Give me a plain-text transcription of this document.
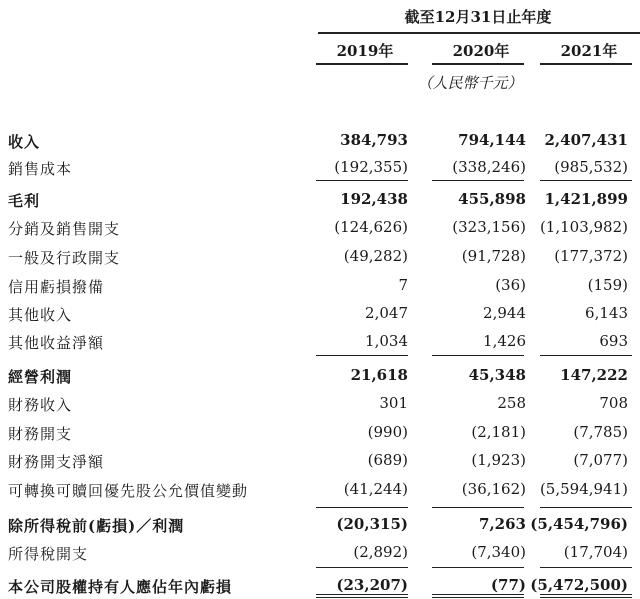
截至12月31日止年度
2019年	2020年	2021年
（人民幣千元）
收入	384,793	794,144	2,407,431
銷售成本	(192,355)	(338,246)	(985,532)
毛利	192,438	455,898	1,421,899
分銷及銷售開支	(124,626)	(323,156) (1,103,982)
一般及行政開支	(49,282)	(91,728)	(177,372)
信用虧損撥備	7	(36)	(159)
其他收入	2,047	2,944	6,143
其他收益淨額	1,034	1,426	693
經營利潤	21,618	45,348	147,222
財務收入	301	258	708
財務開支	(990)	(2,181)	(7,785)
財務開支淨額	(689)	(1,923)	(7,077)
可轉換可贖回優先股公允價值變動	(41,244)	(36,162) (5,594,941)
除所得稅前(虧損)／利潤	(20,315)	7,263 (5,454,796)
所得稅開支	(2,892)	(7,340)	(17,704)
本公司股權持有人應佔年內虧損	(23,207)	(77) (5,472,500)
